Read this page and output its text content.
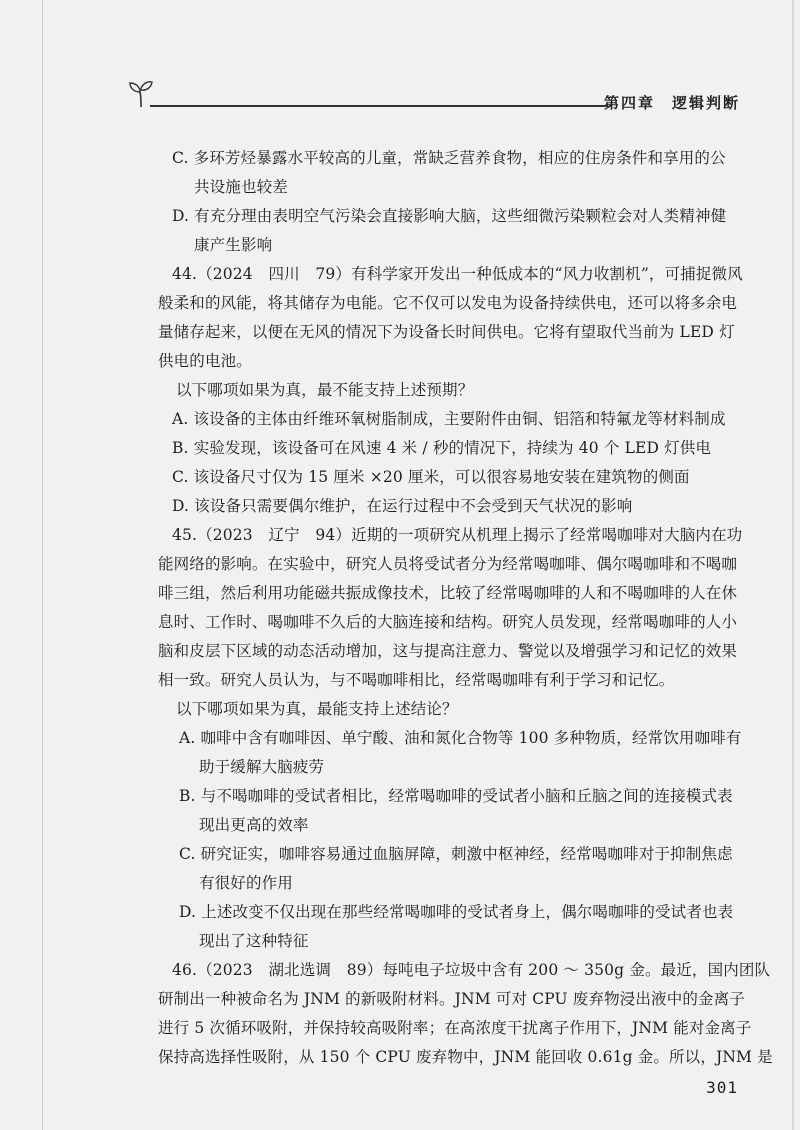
第四章　逻辑判断
C. 多环芳烃暴露水平较高的儿童，常缺乏营养食物，相应的住房条件和享用的公
共设施也较差
D. 有充分理由表明空气污染会直接影响大脑，这些细微污染颗粒会对人类精神健
康产生影响
44.（2024　四川　79）有科学家开发出一种低成本的“风力收割机”，可捕捉微风
般柔和的风能，将其储存为电能。它不仅可以发电为设备持续供电，还可以将多余电
量储存起来，以便在无风的情况下为设备长时间供电。它将有望取代当前为 LED 灯
供电的电池。
以下哪项如果为真，最不能支持上述预期？
A. 该设备的主体由纤维环氧树脂制成，主要附件由铜、铝箔和特氟龙等材料制成
B. 实验发现，该设备可在风速 4 米 / 秒的情况下，持续为 40 个 LED 灯供电
C. 该设备尺寸仅为 15 厘米 ×20 厘米，可以很容易地安装在建筑物的侧面
D. 该设备只需要偶尔维护，在运行过程中不会受到天气状况的影响
45.（2023　辽宁　94）近期的一项研究从机理上揭示了经常喝咖啡对大脑内在功
能网络的影响。在实验中，研究人员将受试者分为经常喝咖啡、偶尔喝咖啡和不喝咖
啡三组，然后利用功能磁共振成像技术，比较了经常喝咖啡的人和不喝咖啡的人在休
息时、工作时、喝咖啡不久后的大脑连接和结构。研究人员发现，经常喝咖啡的人小
脑和皮层下区域的动态活动增加，这与提高注意力、警觉以及增强学习和记忆的效果
相一致。研究人员认为，与不喝咖啡相比，经常喝咖啡有利于学习和记忆。
以下哪项如果为真，最能支持上述结论？
A. 咖啡中含有咖啡因、单宁酸、油和氮化合物等 100 多种物质，经常饮用咖啡有
助于缓解大脑疲劳
B. 与不喝咖啡的受试者相比，经常喝咖啡的受试者小脑和丘脑之间的连接模式表
现出更高的效率
C. 研究证实，咖啡容易通过血脑屏障，刺激中枢神经，经常喝咖啡对于抑制焦虑
有很好的作用
D. 上述改变不仅出现在那些经常喝咖啡的受试者身上，偶尔喝咖啡的受试者也表
现出了这种特征
46.（2023　湖北选调　89）每吨电子垃圾中含有 200 ～ 350g 金。最近，国内团队
研制出一种被命名为 JNM 的新吸附材料。JNM 可对 CPU 废弃物浸出液中的金离子
进行 5 次循环吸附，并保持较高吸附率；在高浓度干扰离子作用下，JNM 能对金离子
保持高选择性吸附，从 150 个 CPU 废弃物中，JNM 能回收 0.61g 金。所以，JNM 是
301
